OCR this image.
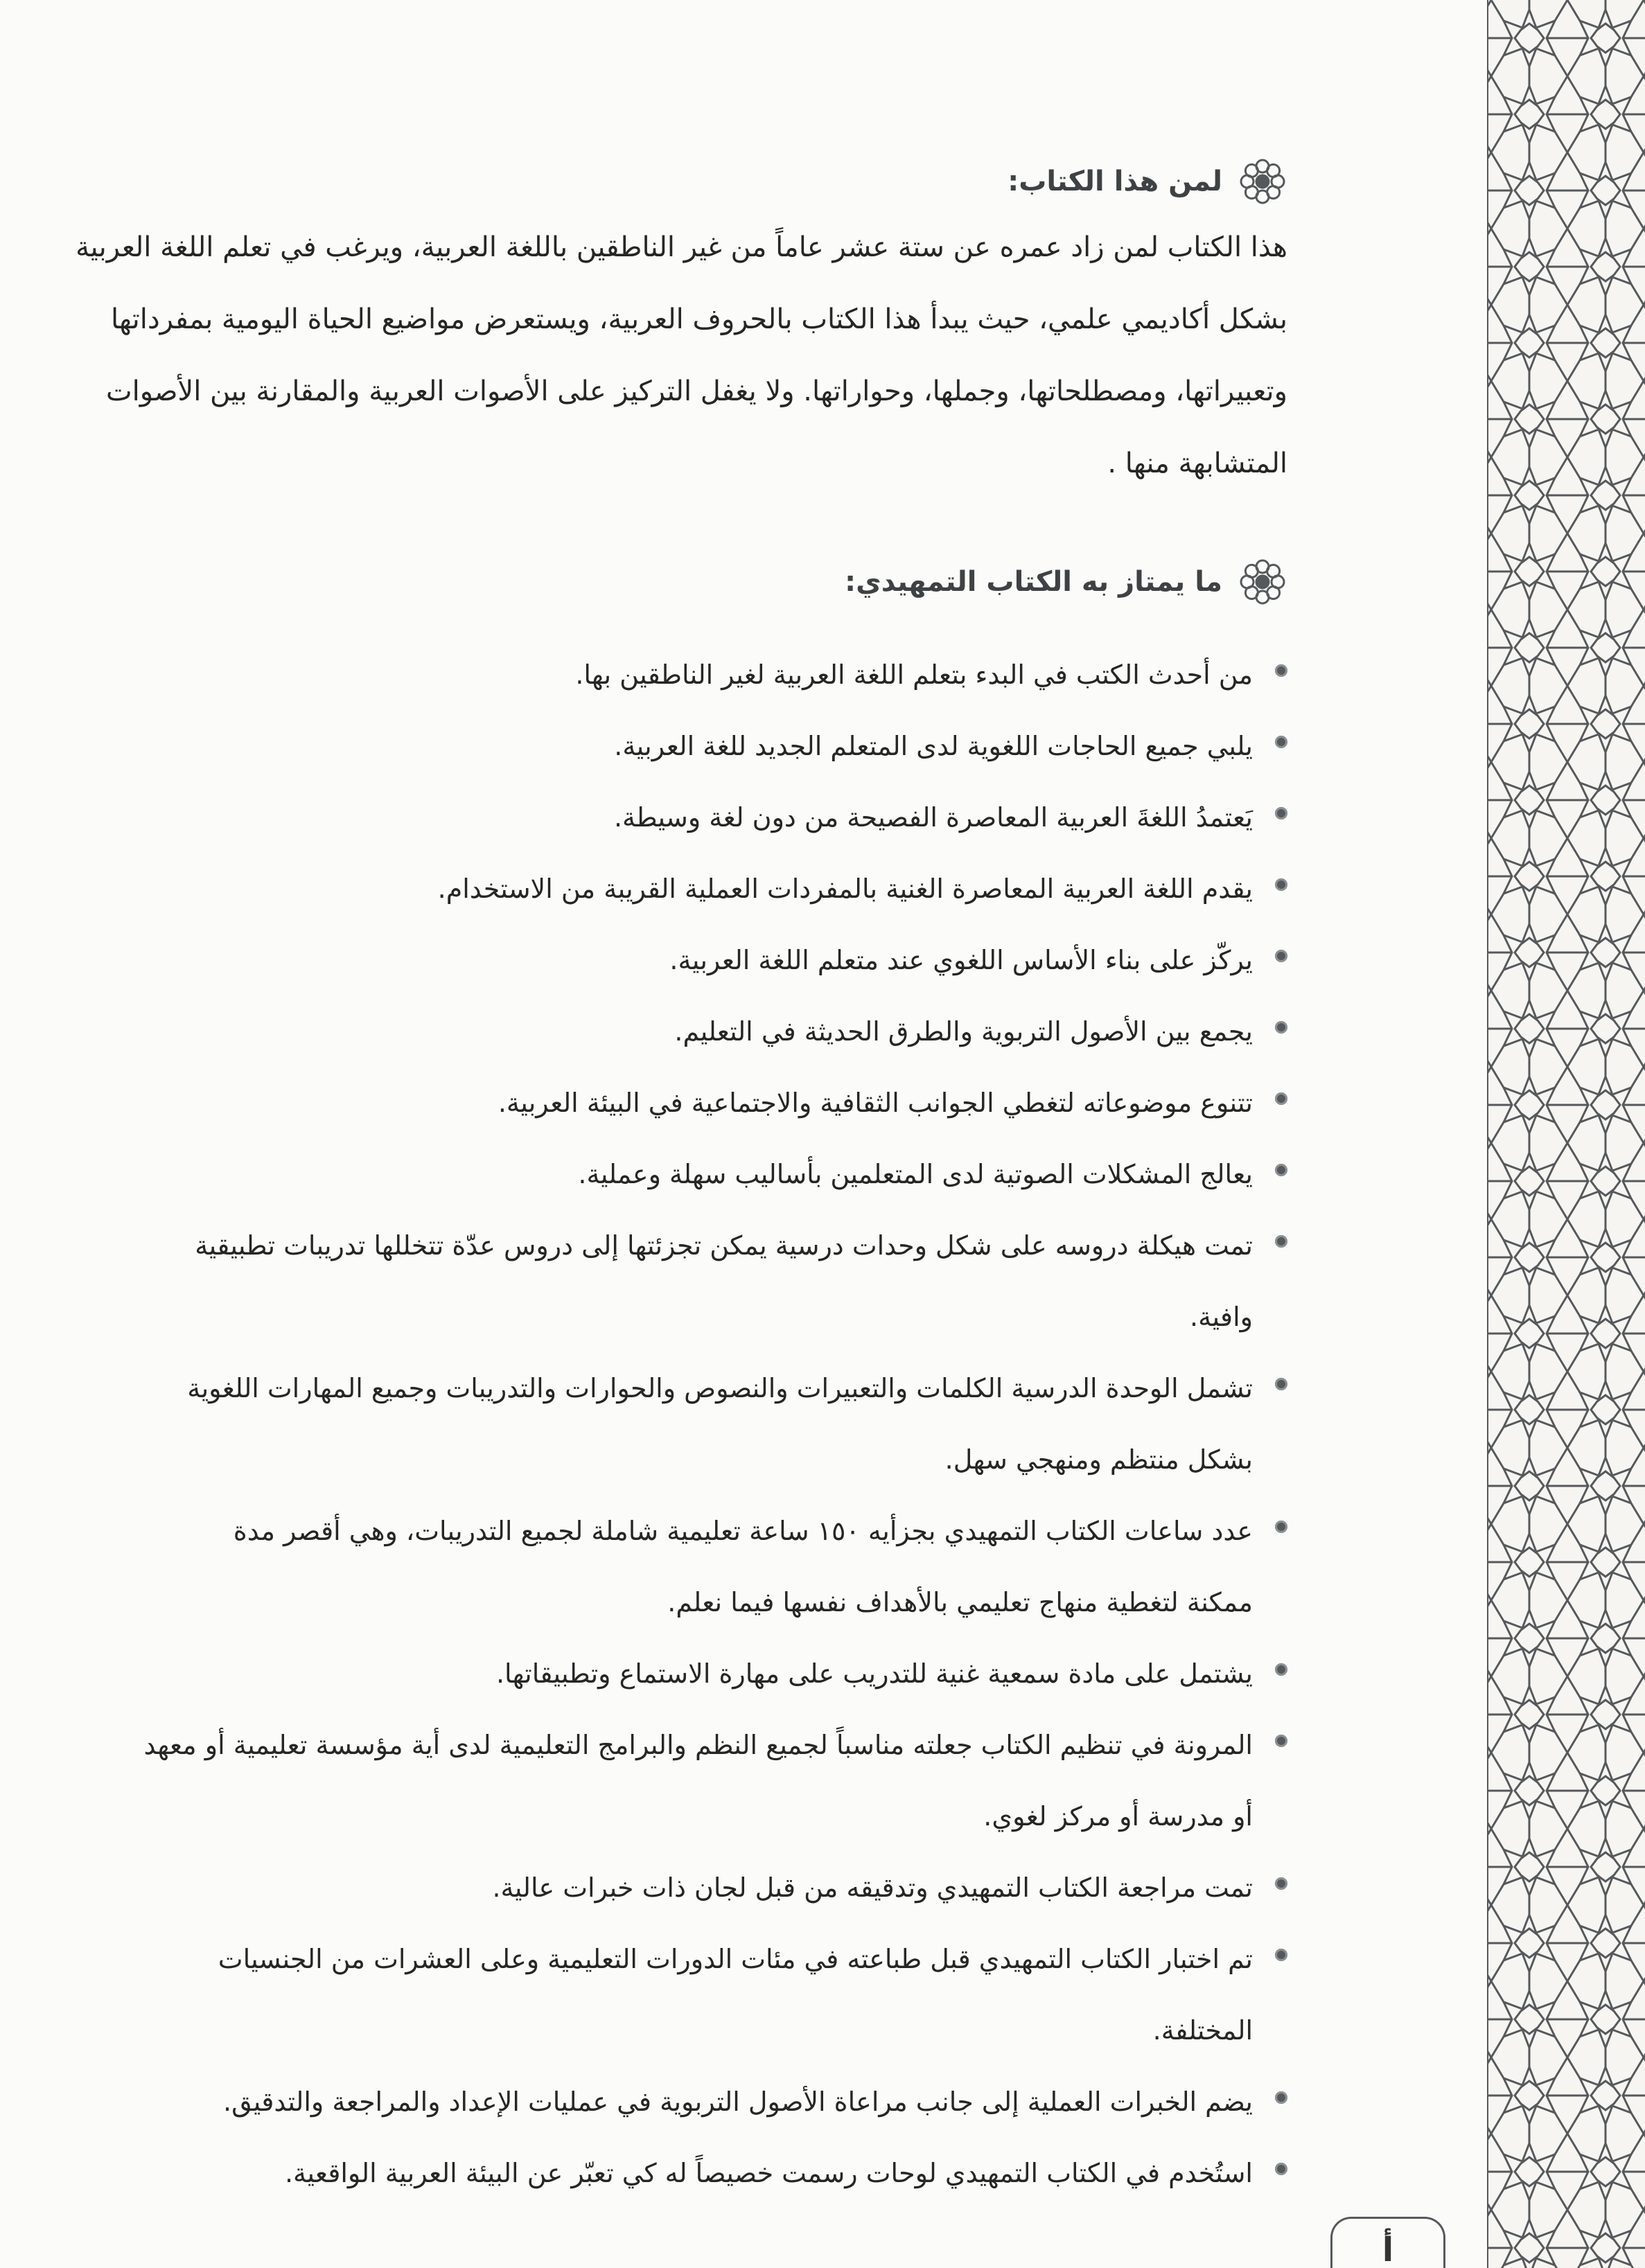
لمن هذا الكتاب:

هذا الكتاب لمن زاد عمره عن ستة عشر عاماً من غير الناطقين باللغة العربية، ويرغب في تعلم اللغة العربية

بشكل أكاديمي علمي، حيث يبدأ هذا الكتاب بالحروف العربية، ويستعرض مواضيع الحياة اليومية بمفرداتها

وتعبيراتها، ومصطلحاتها، وجملها، وحواراتها. ولا يغفل التركيز على الأصوات العربية والمقارنة بين الأصوات

المتشابهة منها .

ما يمتاز به الكتاب التمهيدي:
من أحدث الكتب في البدء بتعلم اللغة العربية لغير الناطقين بها.
يلبي جميع الحاجات اللغوية لدى المتعلم الجديد للغة العربية.
يَعتمدُ اللغةَ العربية المعاصرة الفصيحة من دون لغة وسيطة.
يقدم اللغة العربية المعاصرة الغنية بالمفردات العملية القريبة من الاستخدام.
يركّز على بناء الأساس اللغوي عند متعلم اللغة العربية.
يجمع بين الأصول التربوية والطرق الحديثة في التعليم.
تتنوع موضوعاته لتغطي الجوانب الثقافية والاجتماعية في البيئة العربية.
يعالج المشكلات الصوتية لدى المتعلمين بأساليب سهلة وعملية.
تمت هيكلة دروسه على شكل وحدات درسية يمكن تجزئتها إلى دروس عدّة تتخللها تدريبات تطبيقية
وافية.
تشمل الوحدة الدرسية الكلمات والتعبيرات والنصوص والحوارات والتدريبات وجميع المهارات اللغوية
بشكل منتظم ومنهجي سهل.
عدد ساعات الكتاب التمهيدي بجزأيه ١٥٠ ساعة تعليمية شاملة لجميع التدريبات، وهي أقصر مدة
ممكنة لتغطية منهاج تعليمي بالأهداف نفسها فيما نعلم.
يشتمل على مادة سمعية غنية للتدريب على مهارة الاستماع وتطبيقاتها.
المرونة في تنظيم الكتاب جعلته مناسباً لجميع النظم والبرامج التعليمية لدى أية مؤسسة تعليمية أو معهد
أو مدرسة أو مركز لغوي.
تمت مراجعة الكتاب التمهيدي وتدقيقه من قبل لجان ذات خبرات عالية.
تم اختبار الكتاب التمهيدي قبل طباعته في مئات الدورات التعليمية وعلى العشرات من الجنسيات
المختلفة.
يضم الخبرات العملية إلى جانب مراعاة الأصول التربوية في عمليات الإعداد والمراجعة والتدقيق.
استُخدم في الكتاب التمهيدي لوحات رسمت خصيصاً له كي تعبّر عن البيئة العربية الواقعية.
أ
